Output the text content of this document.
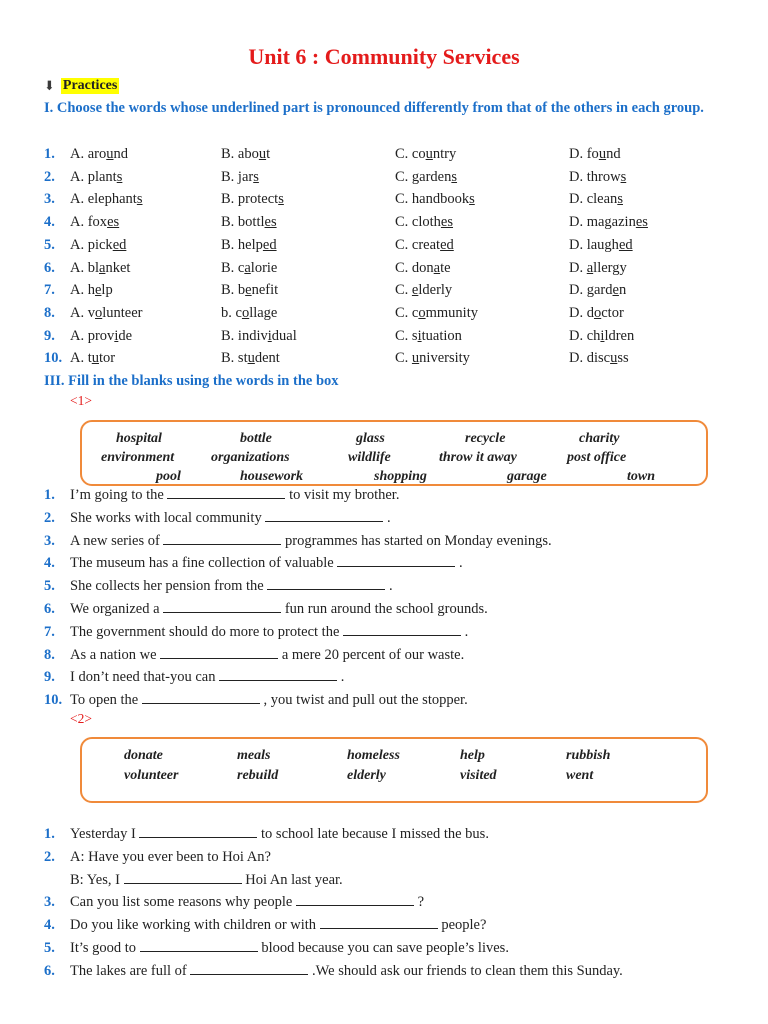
Unit 6 : Community Services
⬇ Practices
I. Choose the words whose underlined part is pronounced differently from that of the others in each group.
1. A. around	B. about	C. country	D. found
2. A. plants	B. jars	C. gardens	D. throws
3. A. elephants	B. protects	C. handbooks	D. cleans
4. A. foxes	B. bottles	C. clothes	D. magazines
5. A. picked	B. helped	C. created	D. laughed
6. A. blanket	B. calorie	C. donate	D. allergy
7. A. help	B. benefit	C. elderly	D. garden
8. A. volunteer	b. collage	C. community	D. doctor
9. A. provide	B. individual	C. situation	D. children
10. A. tutor	B. student	C. university	D. discuss
III. Fill in the blanks using the words in the box
<1>
hospital	bottle	glass	recycle	charity
environment	organizations	wildlife	throw it away	post office
pool	housework	shopping	garage	town
1. I’m going to the	to visit my brother.
2. She works with local community	.
3. A new series of	programmes has started on Monday evenings.
4. The museum has a fine collection of valuable	.
5. She collects her pension from the	.
6. We organized a	fun run around the school grounds.
7. The government should do more to protect the	.
8. As a nation we	a mere 20 percent of our waste.
9. I don’t need that-you can	.
10. To open the	, you twist and pull out the stopper.
<2>
donate	meals	homeless	help	rubbish
volunteer	rebuild	elderly	visited	went
1. Yesterday I	to school late because I missed the bus.
2. A: Have you ever been to Hoi An?
B: Yes, I	Hoi An last year.
3. Can you list some reasons why people	?
4. Do you like working with children or with	people?
5. It’s good to	blood because you can save people’s lives.
6. The lakes are full of	.We should ask our friends to clean them this Sunday.
